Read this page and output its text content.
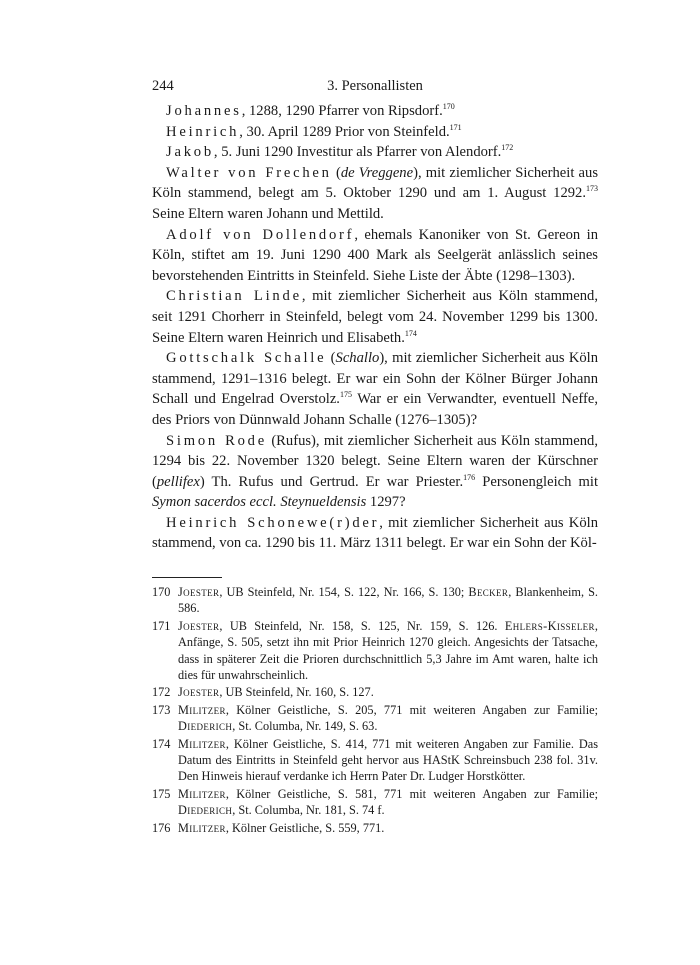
244	3. Personallisten

Johannes, 1288, 1290 Pfarrer von Ripsdorf.$^{170}$

Heinrich, 30. April 1289 Prior von Steinfeld.$^{171}$

Jakob, 5. Juni 1290 Investitur als Pfarrer von Alendorf.$^{172}$

Walter von Frechen (de Vreggene), mit ziemlicher Sicherheit aus Köln stammend, belegt am 5. Oktober 1290 und am 1. August 1292.$^{173}$ Seine Eltern waren Johann und Mettild.

Adolf von Dollendorf, ehemals Kanoniker von St. Gereon in Köln, stiftet am 19. Juni 1290 400 Mark als Seelgerät anlässlich seines bevorstehenden Eintritts in Steinfeld. Siehe Liste der Äbte (1298–1303).

Christian Linde, mit ziemlicher Sicherheit aus Köln stammend, seit 1291 Chorherr in Steinfeld, belegt vom 24. November 1299 bis 1300. Seine Eltern waren Heinrich und Elisabeth.$^{174}$

Gottschalk Schalle (Schallo), mit ziemlicher Sicherheit aus Köln stammend, 1291–1316 belegt. Er war ein Sohn der Kölner Bürger Johann Schall und Engelrad Overstolz.$^{175}$ War er ein Verwandter, eventuell Neffe, des Priors von Dünnwald Johann Schalle (1276–1305)?

Simon Rode (Rufus), mit ziemlicher Sicherheit aus Köln stammend, 1294 bis 22. November 1320 belegt. Seine Eltern waren der Kürschner (pellifex) Th. Rufus und Gertrud. Er war Priester.$^{176}$ Personengleich mit Symon sacerdos eccl. Steynueldensis 1297?

Heinrich Schonewe(r)der, mit ziemlicher Sicherheit aus Köln stammend, von ca. 1290 bis 11. März 1311 belegt. Er war ein Sohn der Köl-

170 Joester, UB Steinfeld, Nr. 154, S. 122, Nr. 166, S. 130; Becker, Blankenheim, S. 586.
171 Joester, UB Steinfeld, Nr. 158, S. 125, Nr. 159, S. 126. Ehlers-Kisseler, Anfänge, S. 505, setzt ihn mit Prior Heinrich 1270 gleich. Angesichts der Tatsache, dass in späterer Zeit die Prioren durchschnittlich 5,3 Jahre im Amt waren, halte ich dies für unwahrscheinlich.
172 Joester, UB Steinfeld, Nr. 160, S. 127.
173 Militzer, Kölner Geistliche, S. 205, 771 mit weiteren Angaben zur Familie; Diederich, St. Columba, Nr. 149, S. 63.
174 Militzer, Kölner Geistliche, S. 414, 771 mit weiteren Angaben zur Familie. Das Datum des Eintritts in Steinfeld geht hervor aus HAStK Schreinsbuch 238 fol. 31v. Den Hinweis hierauf verdanke ich Herrn Pater Dr. Ludger Horstkötter.
175 Militzer, Kölner Geistliche, S. 581, 771 mit weiteren Angaben zur Familie; Diederich, St. Columba, Nr. 181, S. 74 f.
176 Militzer, Kölner Geistliche, S. 559, 771.
